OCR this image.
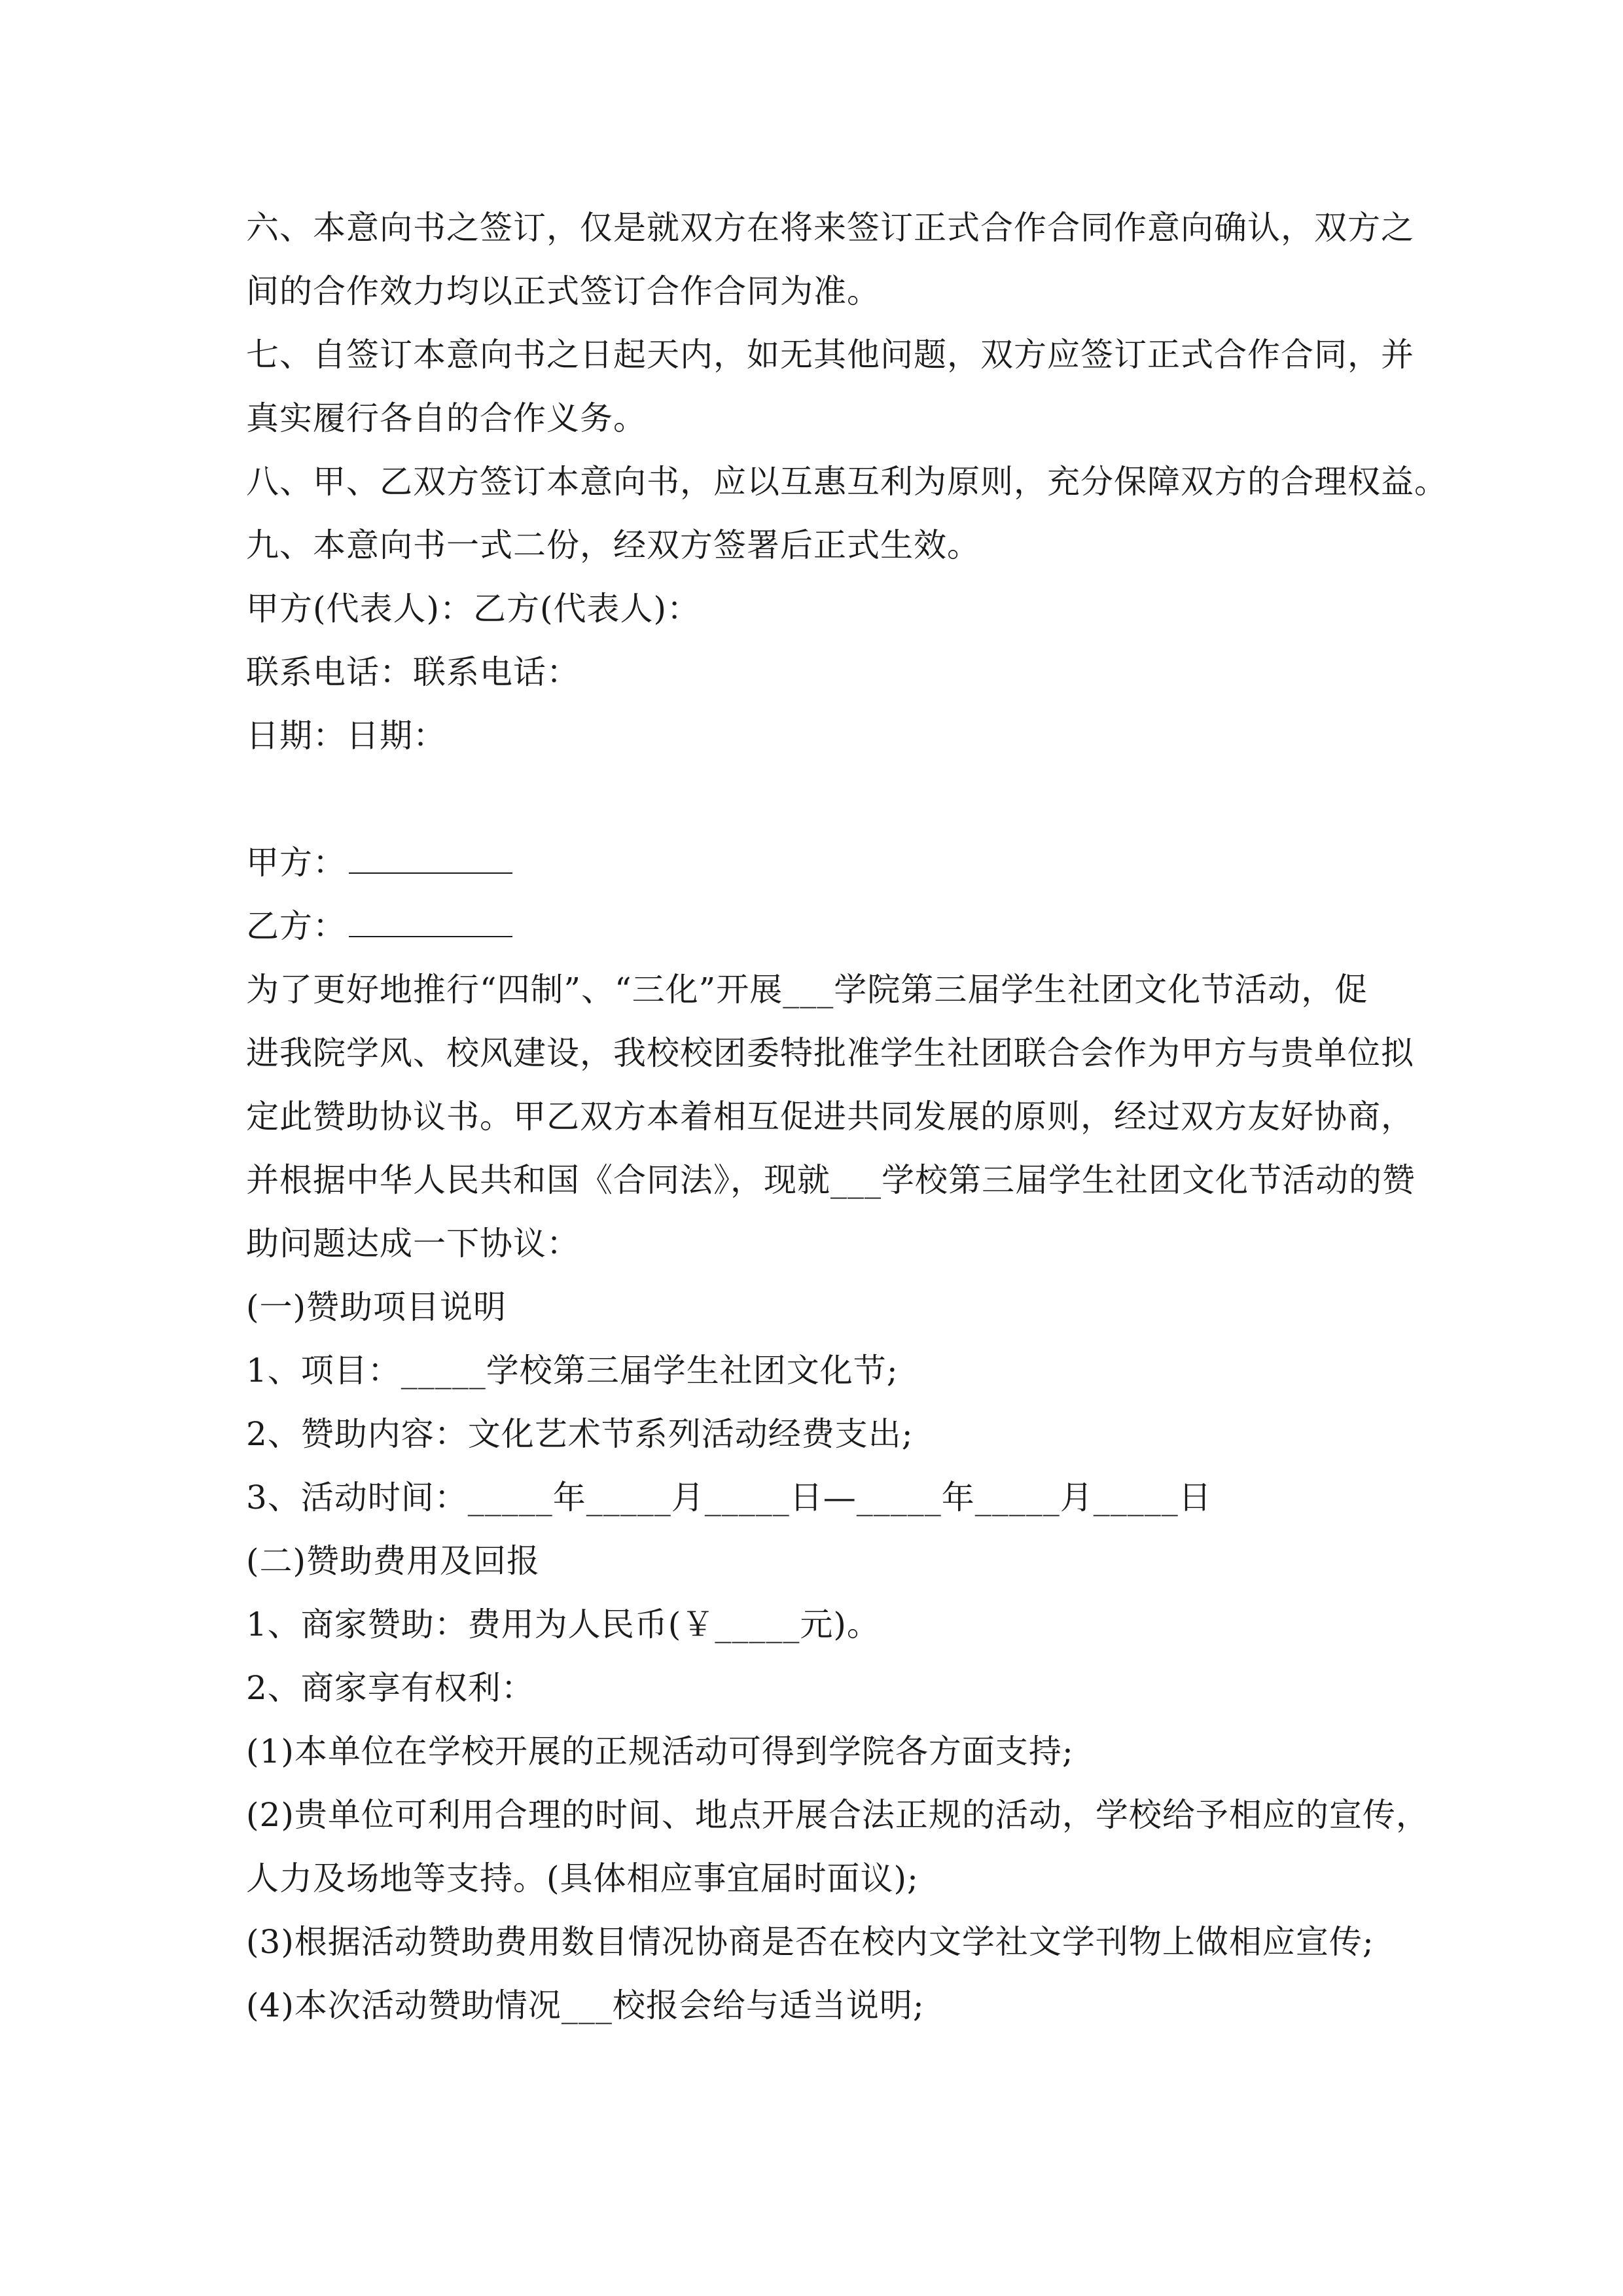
六、本意向书之签订，仅是就双方在将来签订正式合作合同作意向确认，双方之
间的合作效力均以正式签订合作合同为准。
七、自签订本意向书之日起天内，如无其他问题，双方应签订正式合作合同，并
真实履行各自的合作义务。
八、甲、乙双方签订本意向书，应以互惠互利为原则，充分保障双方的合理权益。
九、本意向书一式二份，经双方签署后正式生效。
甲方(代表人)：乙方(代表人)：
联系电话：联系电话：
日期：日期：
甲方：
乙方：
为了更好地推行“四制”、“三化”开展___学院第三届学生社团文化节活动，促
进我院学风、校风建设，我校校团委特批准学生社团联合会作为甲方与贵单位拟
定此赞助协议书。甲乙双方本着相互促进共同发展的原则，经过双方友好协商，
并根据中华人民共和国《合同法》，现就___学校第三届学生社团文化节活动的赞
助问题达成一下协议：
(一)赞助项目说明
1、项目：_____学校第三届学生社团文化节;
2、赞助内容：文化艺术节系列活动经费支出;
3、活动时间：_____年_____月_____日—_____年_____月_____日
(二)赞助费用及回报
1、商家赞助：费用为人民币(￥_____元)。
2、商家享有权利：
(1)本单位在学校开展的正规活动可得到学院各方面支持;
(2)贵单位可利用合理的时间、地点开展合法正规的活动，学校给予相应的宣传，
人力及场地等支持。(具体相应事宜届时面议);
(3)根据活动赞助费用数目情况协商是否在校内文学社文学刊物上做相应宣传;
(4)本次活动赞助情况___校报会给与适当说明;
